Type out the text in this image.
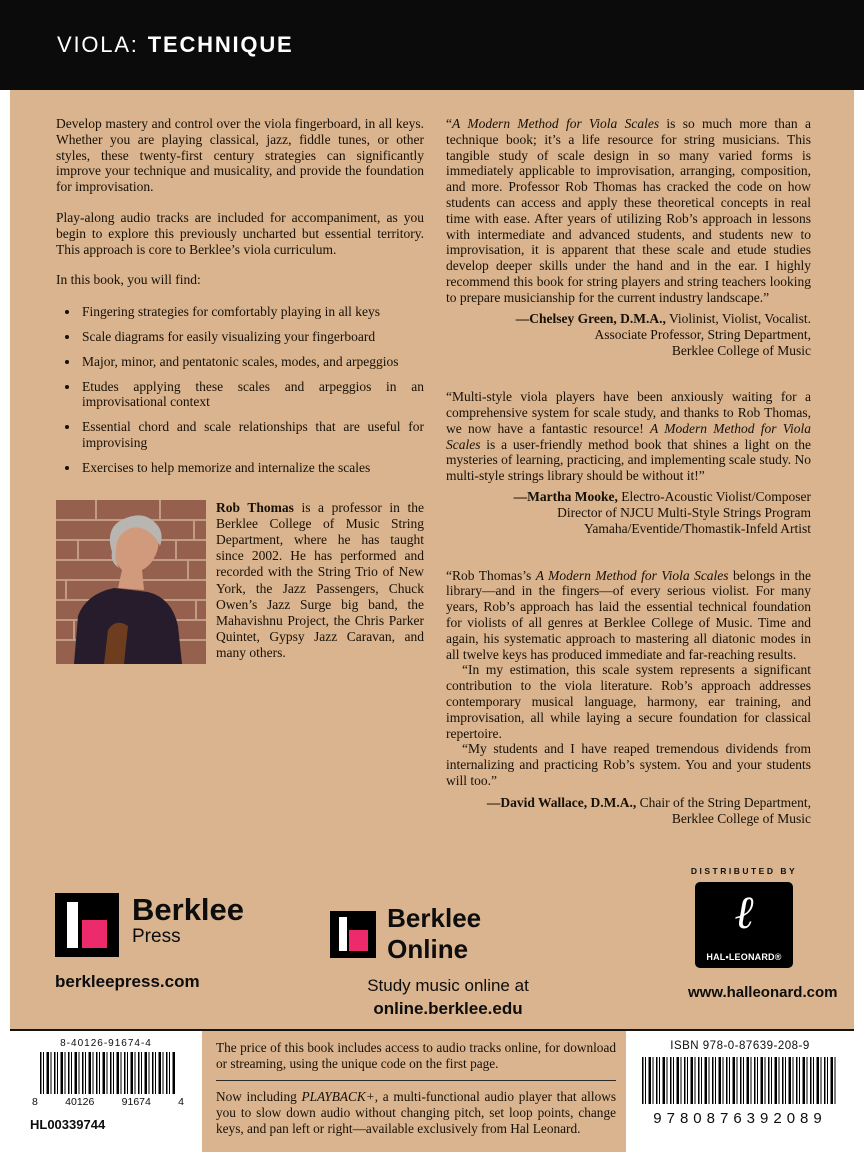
VIOLA: TECHNIQUE

Develop mastery and control over the viola fingerboard, in all keys. Whether you are playing classical, jazz, fiddle tunes, or other styles, these twenty-first century strategies can significantly improve your technique and musicality, and provide the foundation for improvisation.

Play-along audio tracks are included for accompaniment, as you begin to explore this previously uncharted but essential territory. This approach is core to Berklee’s viola curriculum.

In this book, you will find:

• Fingering strategies for comfortably playing in all keys
• Scale diagrams for easily visualizing your fingerboard
• Major, minor, and pentatonic scales, modes, and arpeggios
• Etudes applying these scales and arpeggios in an improvisational context
• Essential chord and scale relationships that are useful for improvising
• Exercises to help memorize and internalize the scales

Rob Thomas is a professor in the Berklee College of Music String Department, where he has taught since 2002. He has performed and recorded with the String Trio of New York, the Jazz Passengers, Chuck Owen’s Jazz Surge big band, the Mahavishnu Project, the Chris Parker Quintet, Gypsy Jazz Caravan, and many others.

“A Modern Method for Viola Scales is so much more than a technique book; it’s a life resource for string musicians. This tangible study of scale design in so many varied forms is immediately applicable to improvisation, arranging, composition, and more. Professor Rob Thomas has cracked the code on how students can access and apply these theoretical concepts in real time with ease. After years of utilizing Rob’s approach in lessons with intermediate and advanced students, and students new to improvisation, it is apparent that these scale and etude studies develop deeper skills under the hand and in the ear. I highly recommend this book for string players and string teachers looking to prepare musicianship for the current industry landscape.”

—Chelsey Green, D.M.A., Violinist, Violist, Vocalist.

Associate Professor, String Department,

Berklee College of Music

“Multi-style viola players have been anxiously waiting for a comprehensive system for scale study, and thanks to Rob Thomas, we now have a fantastic resource! A Modern Method for Viola Scales is a user-friendly method book that shines a light on the mysteries of learning, practicing, and implementing scale study. No multi-style strings library should be without it!”

—Martha Mooke, Electro-Acoustic Violist/Composer

Director of NJCU Multi-Style Strings Program

Yamaha/Eventide/Thomastik-Infeld Artist

“Rob Thomas’s A Modern Method for Viola Scales belongs in the library—and in the fingers—of every serious violist. For many years, Rob’s approach has laid the essential technical foundation for violists of all genres at Berklee College of Music. Time and again, his systematic approach to mastering all diatonic modes in all twelve keys has produced immediate and far-reaching results.

“In my estimation, this scale system represents a significant contribution to the viola literature. Rob’s approach addresses contemporary musical language, harmony, ear training, and improvisation, all while laying a secure foundation for classical repertoire.

“My students and I have reaped tremendous dividends from internalizing and practicing Rob’s system. You and your students will too.”

—David Wallace, D.M.A., Chair of the String Department,

Berklee College of Music

Berklee
Press
berkleepress.com
Berklee Online
Study music online at
online.berklee.edu
DISTRIBUTED BY
ℓ
HAL•LEONARD®
www.halleonard.com
8-40126-91674-4
8	40126	91674	4
HL00339744

The price of this book includes access to audio tracks online, for download or streaming, using the unique code on the first page.

Now including PLAYBACK+, a multi-functional audio player that allows you to slow down audio without changing pitch, set loop points, change keys, and pan left or right—available exclusively from Hal Leonard.

ISBN 978-0-87639-208-9
9780876392089
